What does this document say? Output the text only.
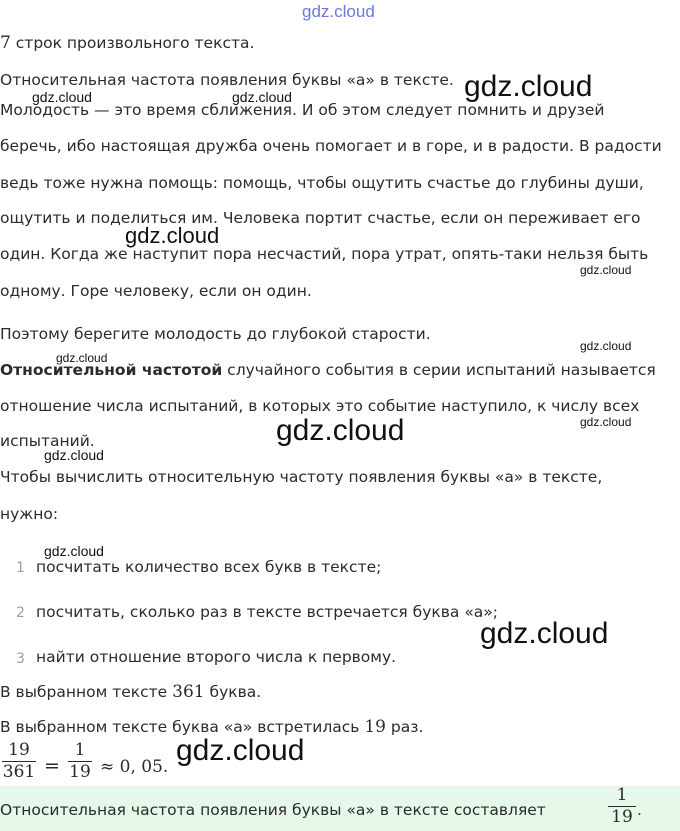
gdz.cloud
7 строк произвольного текста.
Относительная частота появления буквы «а» в тексте.
Молодость — это время сближения. И об этом следует помнить и друзей
беречь, ибо настоящая дружба очень помогает и в горе, и в радости. В радости
ведь тоже нужна помощь: помощь, чтобы ощутить счастье до глубины души,
ощутить и поделиться им. Человека портит счастье, если он переживает его
один. Когда же наступит пора несчастий, пора утрат, опять-таки нельзя быть
одному. Горе человеку, если он один.
Поэтому берегите молодость до глубокой старости.
Относительной частотой случайного события в серии испытаний называется
отношение числа испытаний, в которых это событие наступило, к числу всех
испытаний.
Чтобы вычислить относительную частоту появления буквы «а» в тексте,
нужно:
1 посчитать количество всех букв в тексте;
2 посчитать, сколько раз в тексте встречается буква «а»;
3 найти отношение второго числа к первому.
В выбранном тексте 361 буква.
В выбранном тексте буква «а» встретилась 19 раз.
19
361 =
1
19 ≈ 0, 05.
Относительная частота появления буквы «а» в тексте составляет
1
19 .
gdz.cloud
gdz.cloud	gdz.cloud
gdz.cloud
gdz.cloud
gdz.cloud
gdz.cloud
gdz.cloud	gdz.cloud
gdz.cloud
gdz.cloud
gdz.cloud
gdz.cloud
